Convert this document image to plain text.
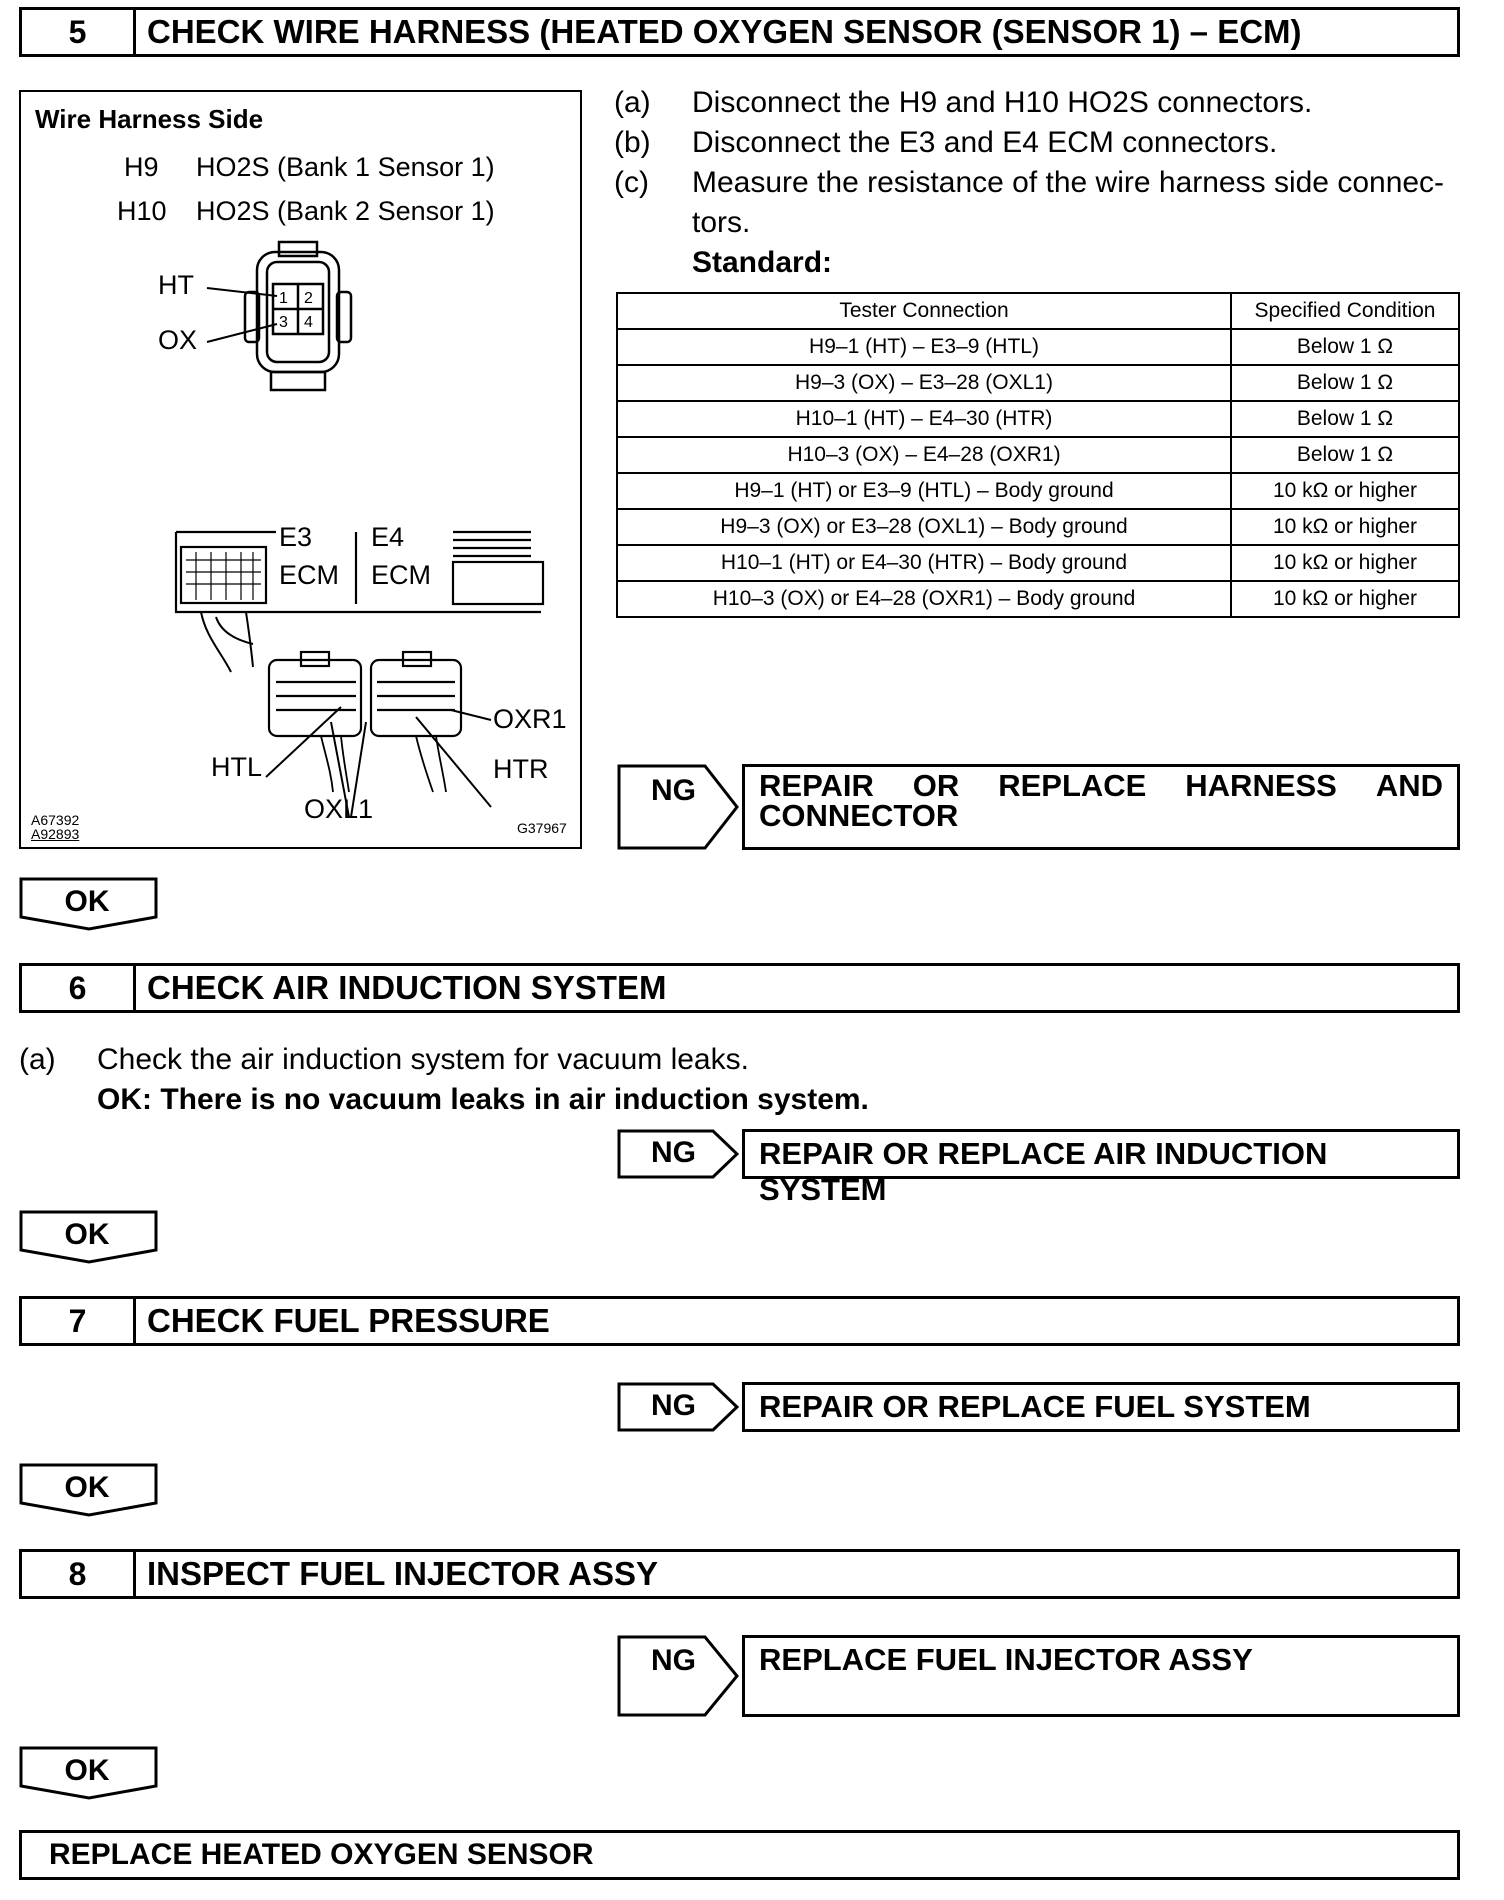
5	CHECK WIRE HARNESS (HEATED OXYGEN SENSOR (SENSOR 1) – ECM)
Wire Harness Side
H9 HO2S (Bank 1 Sensor 1)
H10 HO2S (Bank 2 Sensor 1)
HT
OX
1 2
3 4
E3 E4
ECM ECM
OXR1
HTL	HTR
OXL1
A67392
A92893	G37967
(a) Disconnect the H9 and H10 HO2S connectors.
(b) Disconnect the E3 and E4 ECM connectors.
(c) Measure the resistance of the wire harness side connec-
tors.
Standard:
Tester Connection	Specified Condition
H9–1 (HT) – E3–9 (HTL)	Below 1 Ω
H9–3 (OX) – E3–28 (OXL1)	Below 1 Ω
H10–1 (HT) – E4–30 (HTR)	Below 1 Ω
H10–3 (OX) – E4–28 (OXR1)	Below 1 Ω
H9–1 (HT) or E3–9 (HTL) – Body ground	10 kΩ or higher
H9–3 (OX) or E3–28 (OXL1) – Body ground	10 kΩ or higher
H10–1 (HT) or E4–30 (HTR) – Body ground	10 kΩ or higher
H10–3 (OX) or E4–28 (OXR1) – Body ground	10 kΩ or higher
NG REPAIR OR REPLACE HARNESS AND
CONNECTOR
OK
6	CHECK AIR INDUCTION SYSTEM
(a) Check the air induction system for vacuum leaks.
OK: There is no vacuum leaks in air induction system.
NG	REPAIR OR REPLACE AIR INDUCTION SYSTEM
OK
7	CHECK FUEL PRESSURE
NG	REPAIR OR REPLACE FUEL SYSTEM
OK
8	INSPECT FUEL INJECTOR ASSY
NG	REPLACE FUEL INJECTOR ASSY
OK
REPLACE HEATED OXYGEN SENSOR
